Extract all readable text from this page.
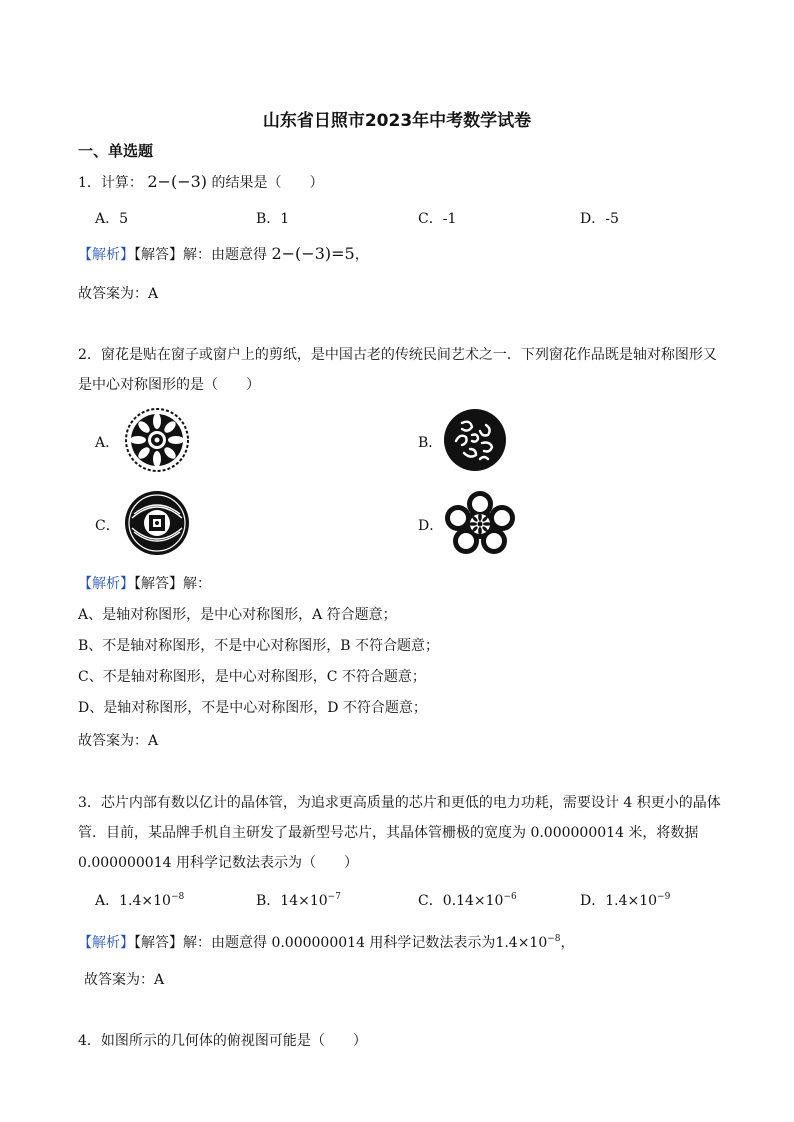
山东省日照市2023年中考数学试卷
一、单选题
1．计算： 2−(−3) 的结果是（　　）
A．5	B．1	C．-1	D．-5
【解析】【解答】解：由题意得 2−(−3)=5，
故答案为：A
2．窗花是贴在窗子或窗户上的剪纸，是中国古老的传统民间艺术之一．下列窗花作品既是轴对称图形又
是中心对称图形的是（　　）
A．	B．
C．	D．
【解析】【解答】解：
A、是轴对称图形，是中心对称图形，A 符合题意；
B、不是轴对称图形，不是中心对称图形，B 不符合题意；
C、不是轴对称图形，是中心对称图形，C 不符合题意；
D、是轴对称图形，不是中心对称图形，D 不符合题意；
故答案为：A
3．芯片内部有数以亿计的晶体管，为追求更高质量的芯片和更低的电力功耗，需要设计 4 积更小的晶体
管．目前，某品牌手机自主研发了最新型号芯片，其晶体管栅极的宽度为 0.000000014 米，将数据
0.000000014 用科学记数法表示为（　　）
A．$1.4\times 10^{-8}$	B．$14\times 10^{-7}$	C．$0.14\times 10^{-6}$	D．$1.4\times 10^{-9}$
【解析】【解答】解：由题意得 0.000000014 用科学记数法表示为$1.4\times 10^{-8}$，
故答案为：A
4．如图所示的几何体的俯视图可能是（　　）
